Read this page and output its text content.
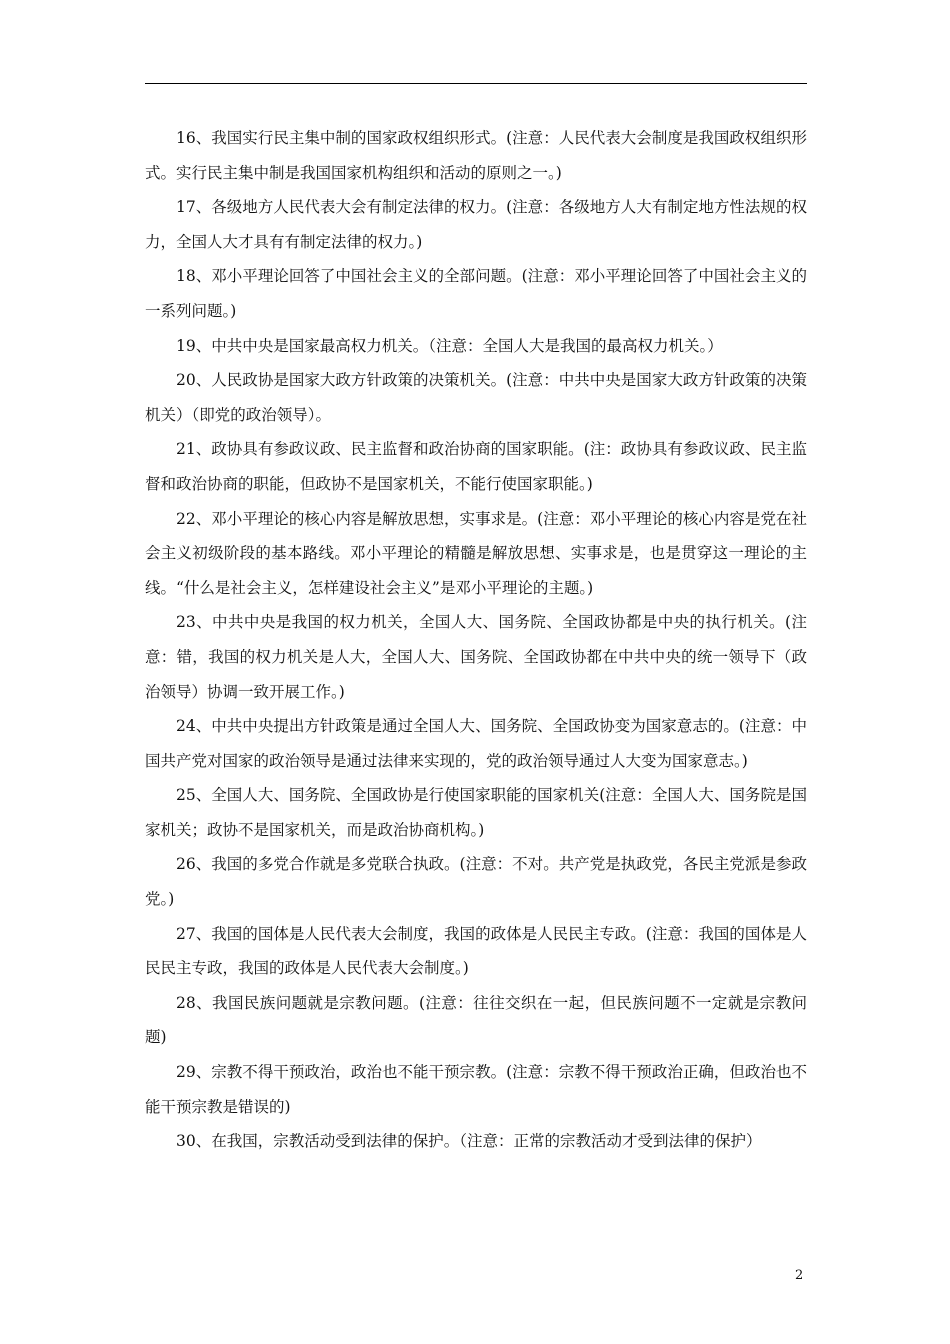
16、我国实行民主集中制的国家政权组织形式。(注意：人民代表大会制度是我国政权组织形式。实行民主集中制是我国国家机构组织和活动的原则之一。)

17、各级地方人民代表大会有制定法律的权力。(注意：各级地方人大有制定地方性法规的权力，全国人大才具有有制定法律的权力。)

18、邓小平理论回答了中国社会主义的全部问题。(注意：邓小平理论回答了中国社会主义的一系列问题。)

19、中共中央是国家最高权力机关。（注意：全国人大是我国的最高权力机关。）

20、人民政协是国家大政方针政策的决策机关。(注意：中共中央是国家大政方针政策的决策机关）（即党的政治领导）。

21、政协具有参政议政、民主监督和政治协商的国家职能。(注：政协具有参政议政、民主监督和政治协商的职能，但政协不是国家机关，不能行使国家职能。)

22、邓小平理论的核心内容是解放思想，实事求是。(注意：邓小平理论的核心内容是党在社会主义初级阶段的基本路线。邓小平理论的精髓是解放思想、实事求是，也是贯穿这一理论的主线。“什么是社会主义，怎样建设社会主义”是邓小平理论的主题。)

23、中共中央是我国的权力机关，全国人大、国务院、全国政协都是中央的执行机关。(注意：错，我国的权力机关是人大，全国人大、国务院、全国政协都在中共中央的统一领导下（政治领导）协调一致开展工作。)

24、中共中央提出方针政策是通过全国人大、国务院、全国政协变为国家意志的。(注意：中国共产党对国家的政治领导是通过法律来实现的，党的政治领导通过人大变为国家意志。)

25、全国人大、国务院、全国政协是行使国家职能的国家机关(注意：全国人大、国务院是国家机关；政协不是国家机关，而是政治协商机构。)

26、我国的多党合作就是多党联合执政。(注意：不对。共产党是执政党，各民主党派是参政党。)

27、我国的国体是人民代表大会制度，我国的政体是人民民主专政。(注意：我国的国体是人民民主专政，我国的政体是人民代表大会制度。)

28、我国民族问题就是宗教问题。(注意：往往交织在一起，但民族问题不一定就是宗教问题)

29、宗教不得干预政治，政治也不能干预宗教。(注意：宗教不得干预政治正确，但政治也不能干预宗教是错误的)

30、在我国，宗教活动受到法律的保护。（注意：正常的宗教活动才受到法律的保护）

2
